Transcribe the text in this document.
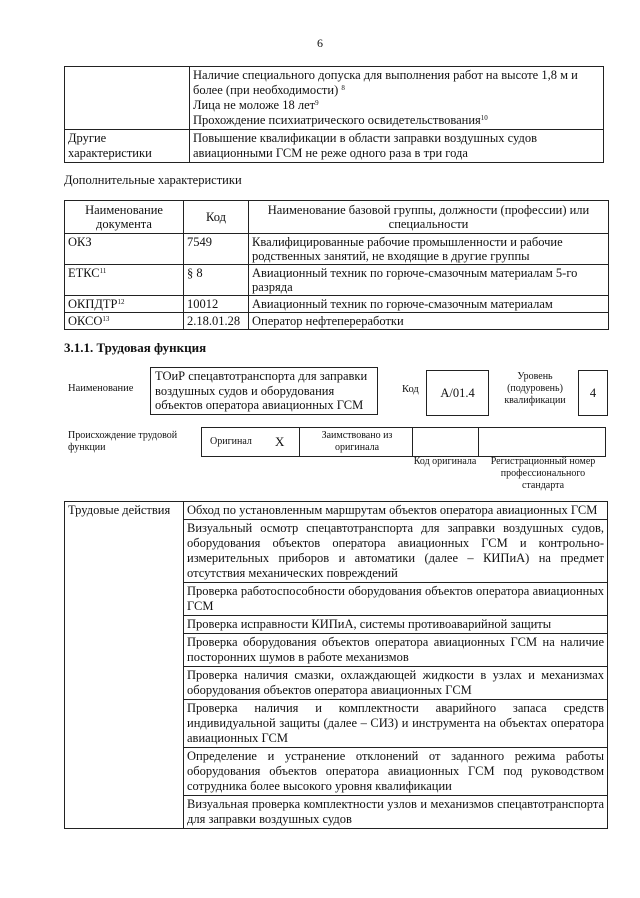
6

	Наличие специального допуска для выполнения работ на высоте 1,8 м и более (при необходимости) $^8$
Лица не моложе 18 лет$^9$
Прохождение психиатрического освидетельствования$^{10}$

Другие характеристики	Повышение квалификации в области заправки воздушных судов авиационными ГСМ не реже одного раза в три года
Дополнительные характеристики
Наименование документа	Код	Наименование базовой группы, должности (профессии) или специальности
ОКЗ	7549	Квалифицированные рабочие промышленности и рабочие родственных занятий, не входящие в другие группы
ЕТКС$^{11}$	§ 8	Авиационный техник по горюче-смазочным материалам 5-го разряда
ОКПДТР$^{12}$	10012	Авиационный техник по горюче-смазочным материалам
ОКСО$^{13}$	2.18.01.28	Оператор нефтепереработки
3.1.1. Трудовая функция
Наименование
ТОиР спецавтотранспорта для заправки воздушных судов и оборудования объектов оператора авиационных ГСМ
Код	А/01.4
Уровень (подуровень) квалификации
4
Происхождение трудовой функции
Оригинал X	Заимствовано из оригинала
Код оригинала	Регистрационный номер профессионального стандарта
Трудовые действия	Обход по установленным маршрутам объектов оператора авиационных ГСМ
Визуальный осмотр спецавтотранспорта для заправки воздушных судов, оборудования объектов оператора авиационных ГСМ и контрольно-измерительных приборов и автоматики (далее – КИПиА) на предмет отсутствия механических повреждений
Проверка работоспособности оборудования объектов оператора авиационных ГСМ
Проверка исправности КИПиА, системы противоаварийной защиты
Проверка оборудования объектов оператора авиационных ГСМ на наличие посторонних шумов в работе механизмов
Проверка наличия смазки, охлаждающей жидкости в узлах и механизмах оборудования объектов оператора авиационных ГСМ
Проверка наличия и комплектности аварийного запаса средств индивидуальной защиты (далее – СИЗ) и инструмента на объектах оператора авиационных ГСМ
Определение и устранение отклонений от заданного режима работы оборудования объектов оператора авиационных ГСМ под руководством сотрудника более высокого уровня квалификации
Визуальная проверка комплектности узлов и механизмов спецавтотранспорта для заправки воздушных судов
